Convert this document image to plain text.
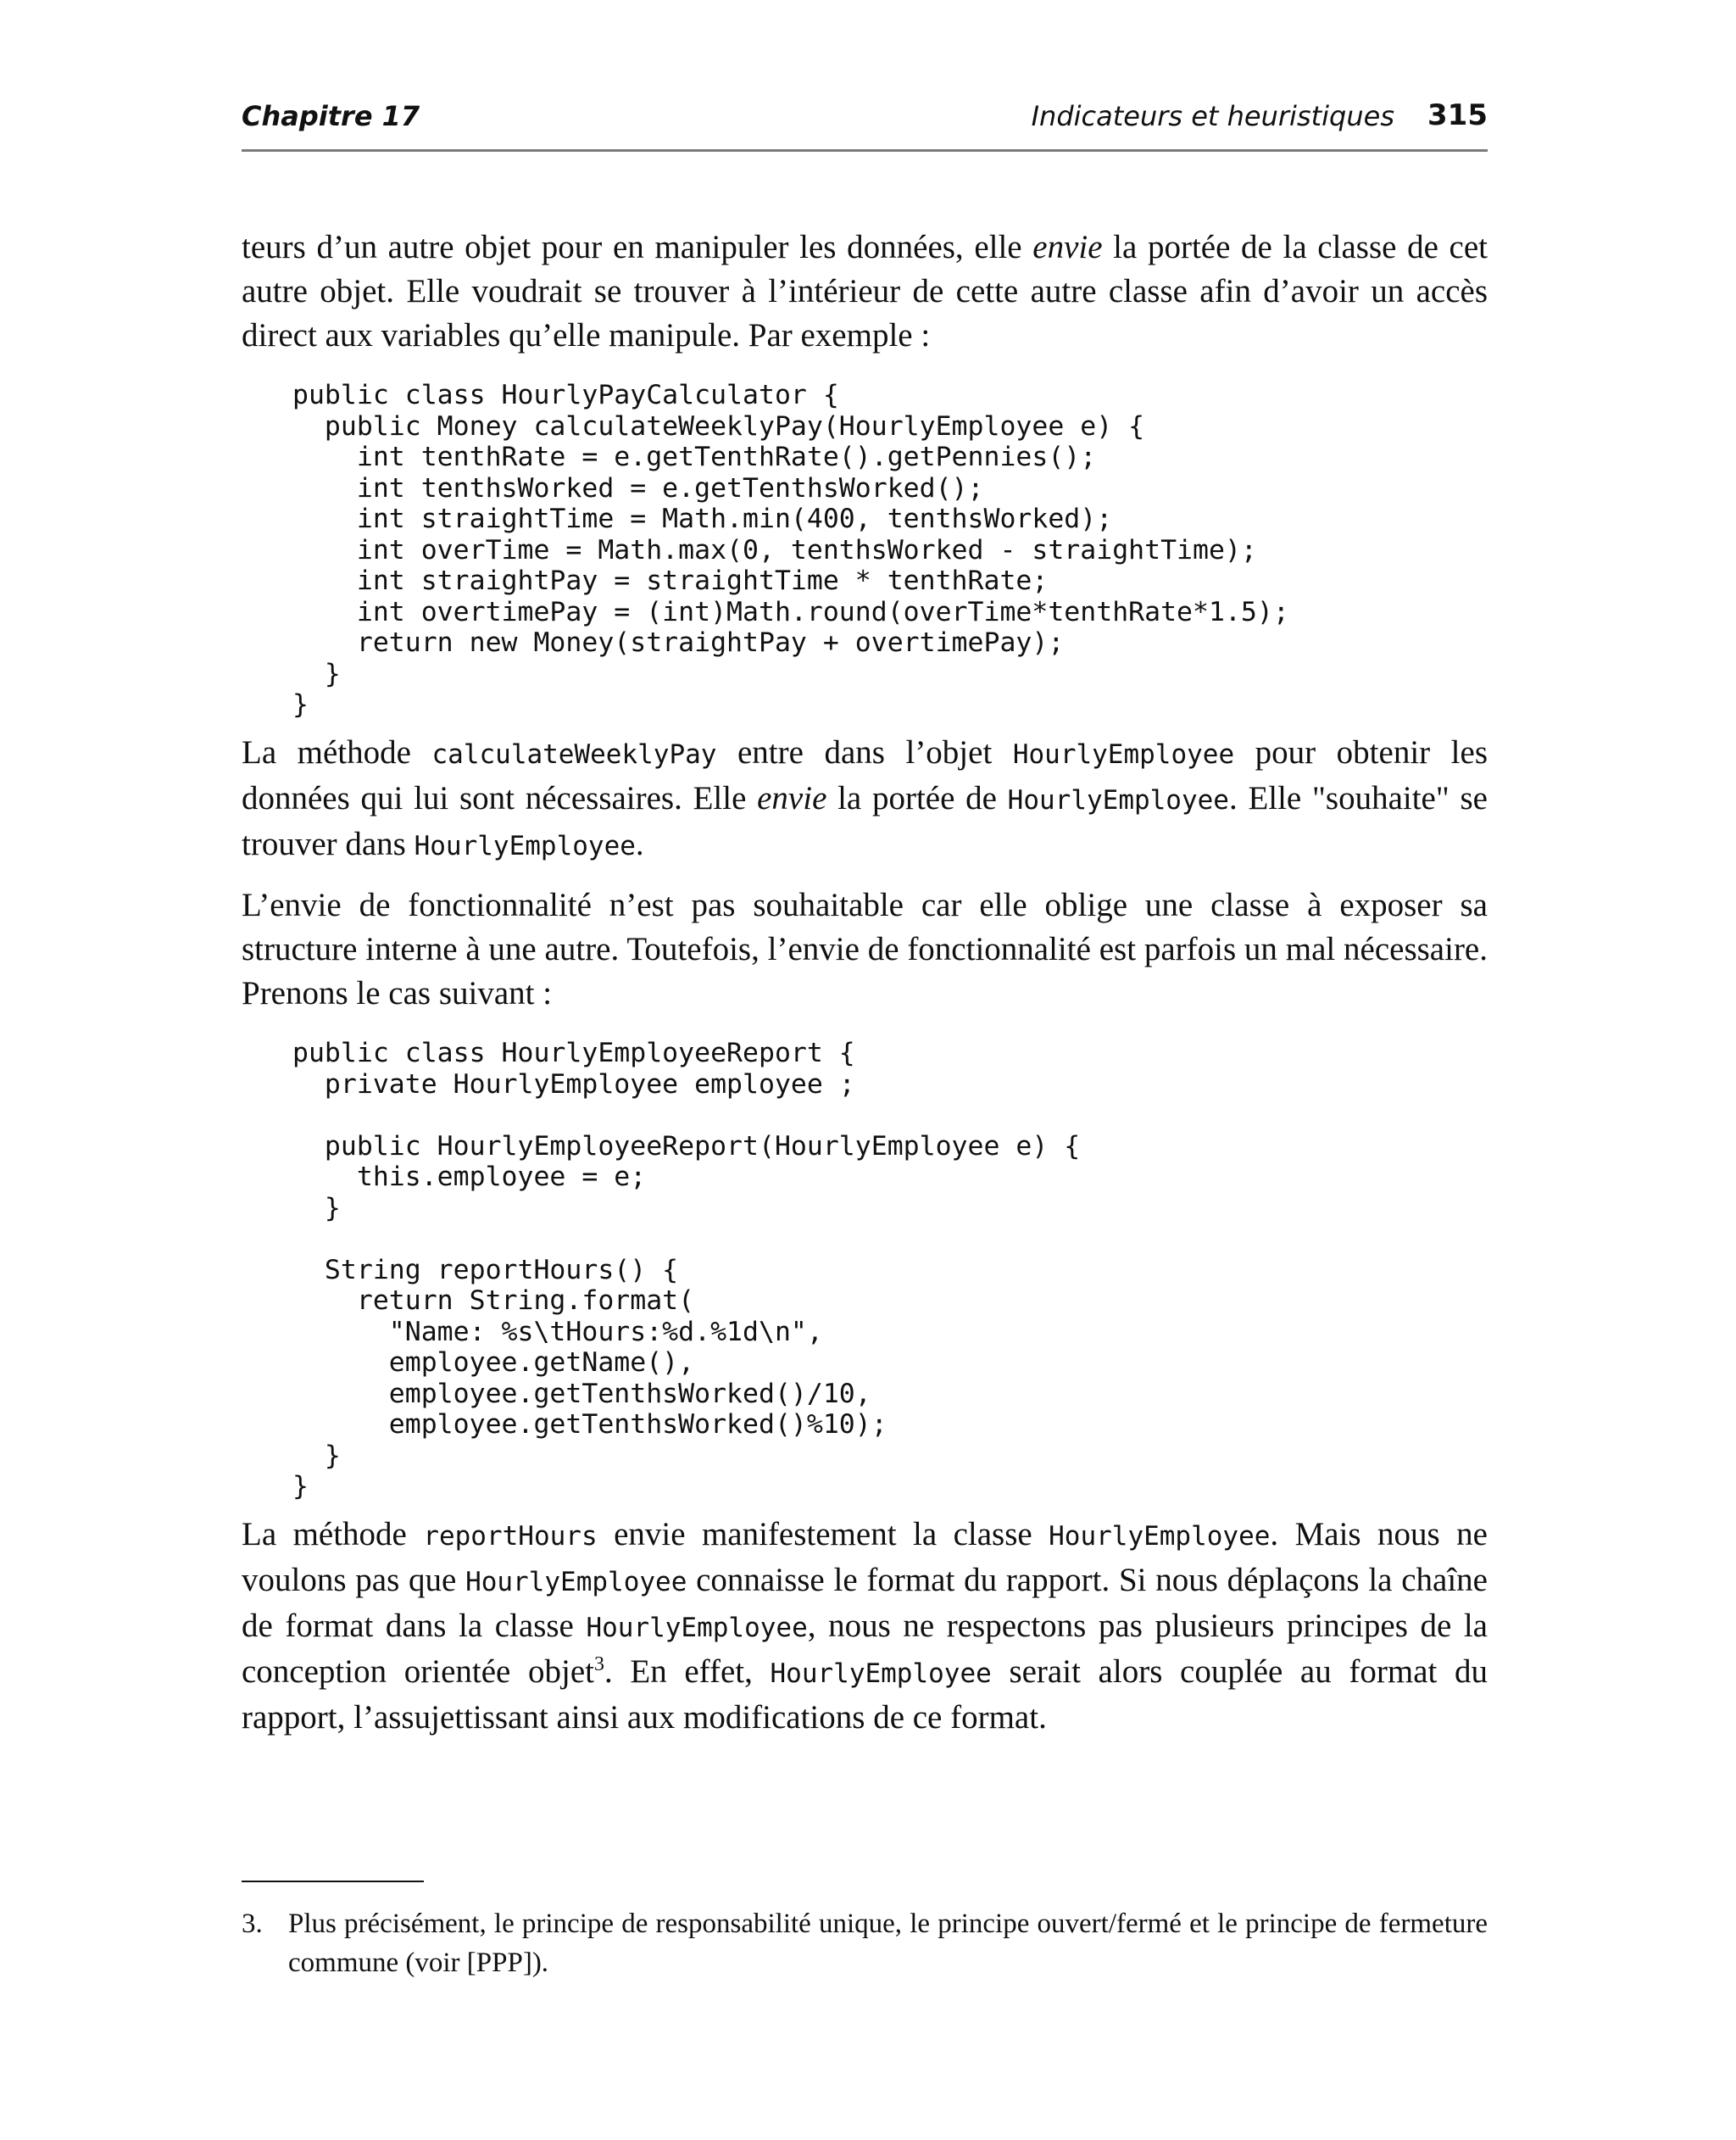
Chapitre 17	Indicateurs et heuristiques 315

teurs d’un autre objet pour en manipuler les données, elle envie la portée de la classe de cet autre objet. Elle voudrait se trouver à l’intérieur de cette autre classe afin d’avoir un accès direct aux variables qu’elle manipule. Par exemple :

public class HourlyPayCalculator {
public Money calculateWeeklyPay(HourlyEmployee e) {
int tenthRate = e.getTenthRate().getPennies();
int tenthsWorked = e.getTenthsWorked();
int straightTime = Math.min(400, tenthsWorked);
int overTime = Math.max(0, tenthsWorked - straightTime);
int straightPay = straightTime * tenthRate;
int overtimePay = (int)Math.round(overTime*tenthRate*1.5);
return new Money(straightPay + overtimePay);
}
}

La méthode calculateWeeklyPay entre dans l’objet HourlyEmployee pour obtenir les données qui lui sont nécessaires. Elle envie la portée de HourlyEmployee. Elle "souhaite" se trouver dans HourlyEmployee.

L’envie de fonctionnalité n’est pas souhaitable car elle oblige une classe à exposer sa structure interne à une autre. Toutefois, l’envie de fonctionnalité est parfois un mal nécessaire. Prenons le cas suivant :

public class HourlyEmployeeReport {
private HourlyEmployee employee ;

public HourlyEmployeeReport(HourlyEmployee e) {
this.employee = e;
}

String reportHours() {
return String.format(
"Name: %s\tHours:%d.%1d\n",
employee.getName(),
employee.getTenthsWorked()/10,
employee.getTenthsWorked()%10);
}
}

La méthode reportHours envie manifestement la classe HourlyEmployee. Mais nous ne voulons pas que HourlyEmployee connaisse le format du rapport. Si nous déplaçons la chaîne de format dans la classe HourlyEmployee, nous ne respectons pas plusieurs principes de la conception orientée objet$^3$. En effet, HourlyEmployee serait alors couplée au format du rapport, l’assujettissant ainsi aux modifications de ce format.

3. Plus précisément, le principe de responsabilité unique, le principe ouvert/fermé et le principe de fermeture commune (voir [PPP]).
